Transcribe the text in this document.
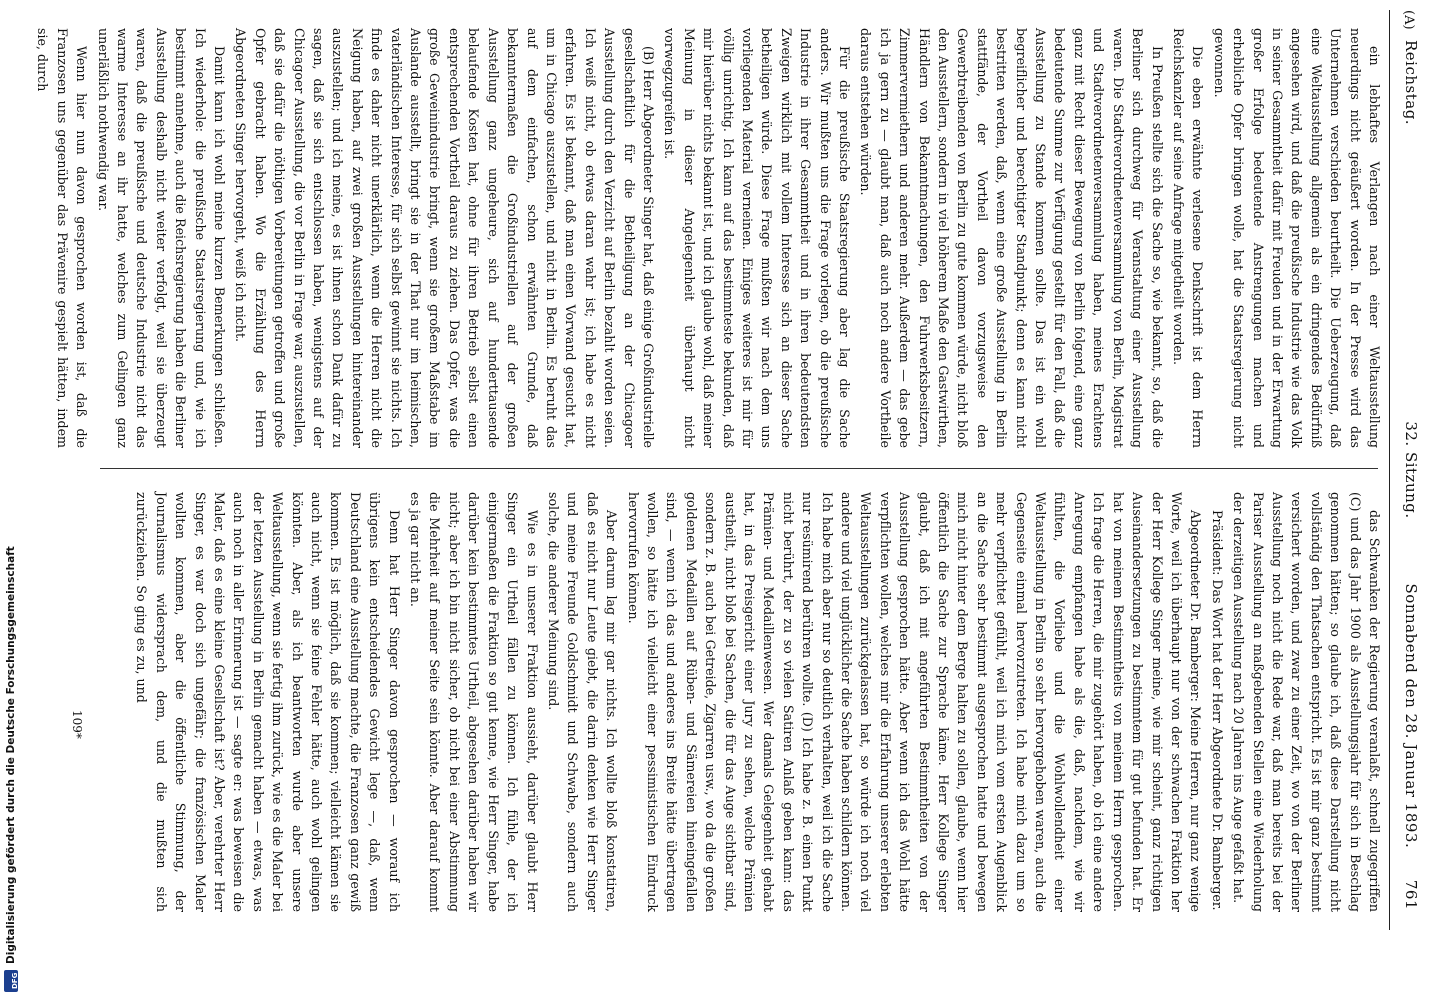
DFG
Digitalisierung gefördert durch die Deutsche Forschungsgemeinschaft
Reichstag.
32. Sitzung.
Sonnabend den 28. Januar 1893.      761
(A)

ein lebhaftes Verlangen nach einer Weltausstellung neuerdings nicht geäußert worden. In der Presse wird das Unternehmen verschieden beurtheilt. Die Ueberzeugung, daß eine Weltausstellung allgemein als ein dringendes Bedürfniß angesehen wird, und daß die preußische Industrie wie das Volk in seiner Gesammtheit dafür mit Freuden und in der Erwartung großer Erfolge bedeutende Anstrengungen machen und erhebliche Opfer bringen wolle, hat die Staatsregierung nicht gewonnen.

Die eben erwähnte verlesene Denkschrift ist dem Herrn Reichskanzler auf seine Anfrage mitgetheilt worden.

In Preußen stellte sich die Sache so, wie bekannt, so, daß die Berliner sich durchweg für Veranstaltung einer Ausstellung waren. Die Stadtverordnetenversammlung von Berlin, Magistrat und Stadtverordnetenversammlung haben, meines Erachtens ganz mit Recht dieser Bewegung von Berlin folgend, eine ganz bedeutende Summe zur Verfügung gestellt für den Fall, daß die Ausstellung zu Stande kommen sollte. Das ist ein wohl begreiflicher und berechtigter Standpunkt; denn es kann nicht bestritten werden, daß, wenn eine große Ausstellung in Berlin stattfände, der Vortheil davon vorzugsweise den Gewerbtreibenden von Berlin zu gute kommen würde, nicht bloß den Ausstellern, sondern in viel höherem Maße den Gastwirthen, Händlern von Bekanntmachungen, den Fuhrwerksbesitzern, Zimmervermiethern und anderen mehr. Außerdem — das gebe ich ja gern zu — glaubt man, daß auch noch andere Vortheile daraus entstehen würden.

Für die preußische Staatsregierung aber lag die Sache anders. Wir mußten uns die Frage vorlegen, ob die preußische Industrie in ihrer Gesammtheit und in ihren bedeutendsten Zweigen wirklich mit vollem Interesse sich an dieser Sache betheiligen würde. Diese Frage mußten wir nach dem uns vorliegenden Material verneinen. Einiges weiteres ist mir für völlig unrichtig. Ich kann auf das bestimmteste bekunden, daß mir hierüber nichts bekannt ist, und ich glaube wohl, daß meiner Meinung in dieser Angelegenheit überhaupt nicht vorwegzugreifen ist.

(B) Herr Abgeordneter Singer hat, daß einige Großindustrielle gesellschaftlich für die Betheiligung an der Chicagoer Ausstellung durch den Verzicht auf Berlin bezahlt worden seien. Ich weiß nicht, ob etwas daran wahr ist; ich habe es nicht erfahren. Es ist bekannt, daß man einen Vorwand gesucht hat, um in Chicago auszustellen, und nicht in Berlin. Es beruht das auf dem einfachen, schon erwähnten Grunde, daß bekanntermaßen die Großindustriellen auf der großen Ausstellung ganz ungeheure, sich auf hunderttausende belaufende Kosten hat, ohne für ihren Betrieb selbst einen entsprechenden Vortheil daraus zu ziehen. Das Opfer, was die große Geweinindustrie bringt, wenn sie großem Maßstabe im Auslande ausstellt, bringt sie in der That nur im heimischen, vaterländischen Interesse, für sich selbst gewinnt sie nichts. Ich finde es daher nicht unerklärlich, wenn die Herren nicht die Neigung haben, auf zwei großen Ausstellungen hintereinander auszustellen; und ich meine, es ist ihnen schon Dank dafür zu sagen, daß sie sich entschlossen haben, wenigstens auf der Chicagoer Ausstellung, die vor Berlin in Frage war, auszustellen, daß sie dafür die nöthigen Vorbereitungen getroffen und große Opfer gebracht haben. Wo die Erzählung des Herrn Abgeordneten Singer hervorgeht, weiß ich nicht.

Damit kann ich wohl meine kurzen Bemerkungen schließen. Ich wiederhole: die preußische Staatsregierung und, wie ich bestimmt annehme, auch die Reichsregierung haben die Berliner Ausstellung deshalb nicht weiter verfolgt, weil sie überzeugt waren, daß die preußische und deutsche Industrie nicht das warme Interesse an ihr hatte, welches zum Gelingen ganz unerläßlich nothwendig war.

Wenn hier nun davon gesprochen worden ist, daß die Franzosen uns gegenüber das Prävenire gespielt hätten, indem sie, durch

das Schwanken der Regierung veranlaßt, schnell zugegriffen (C) und das Jahr 1900 als Ausstellungsjahr für sich in Beschlag genommen hätten; so glaube ich, daß diese Darstellung nicht vollständig den Thatsachen entspricht. Es ist mir ganz bestimmt versichert worden, und zwar zu einer Zeit, wo von der Berliner Ausstellung noch nicht die Rede war, daß man bereits bei der Pariser Ausstellung an maßgebenden Stellen eine Wiederholung der derzeitigen Ausstellung nach 20 Jahren ins Auge gefaßt hat.

Präsident: Das Wort hat der Herr Abgeordnete Dr. Bamberger.

Abgeordneter Dr. Bamberger: Meine Herren, nur ganz wenige Worte, weil ich überhaupt nur von der schwachen Fraktion her der Herr Kollege Singer meine, wie mir scheint, ganz richtigen Auseinandersetzungen zu bestimmtem für gut befunden hat. Er hat von meinem Bestimmtheits von meinem Herrn gesprochen. Ich frage die Herren, die mir zugehört haben, ob ich eine andere Anregung empfangen habe als die, daß, nachdem, wie wir fühlten, die Vorliebe und die Wohlwollendheit einer Weltausstellung in Berlin so sehr hervorgehoben waren, auch die Gegenseite einmal hervorzutreten. Ich habe mich dazu um so mehr verpflichtet gefühlt, weil ich mich vom ersten Augenblick an die Sache sehr bestimmt ausgesprochen hatte und bewegen mich nicht hinter dem Berge halten zu sollen, glaube, wenn hier öffentlich die Sache zur Sprache käme. Herr Kollege Singer glaubt, daß ich mit angeführten Bestimmtheiten von der Ausstellung gesprochen hätte. Aber wenn ich das Wohl hätte verpflichten wollen, welches mir die Erfahrung unserer erlebten Weltausstellungen zurückgelassen hat, so würde ich noch viel andere und viel unglücklicher die Sache haben schildern können. Ich habe mich aber nur so deutlich verhalten, weil ich die Sache nur resümirend berühren wollte. (D) Ich habe z. B. einen Punkt nicht berührt, der zu so vielen Satiren Anlaß geben kann: das Prämien- und Medaillenwesen. Wer damals Gelegenheit gehabt hat, in das Preisgericht einer Jury zu sehen, welche Prämien austheilt, nicht bloß bei Sachen, die für das Auge sichtbar sind, sondern z. B. auch bei Getreide, Zigarren usw., wo da die großen goldenen Medaillen auf Rüben- und Sämereien hineingefallen sind, — wenn ich das und anderes ins Breite hätte übertragen wollen, so hätte ich vielleicht einer pessimistischen Eindruck hervorrufen können.

Aber darum lag mir gar nichts. Ich wollte bloß konstatiren, daß es nicht nur Leute giebt, die darin denken wie Herr Singer und meine Freunde Goldschmidt und Schwabe, sondern auch solche, die anderer Meinung sind.

Wie es in unserer Fraktion aussieht, darüber glaubt Herr Singer ein Urtheil fällen zu können. Ich fühle, der ich einigermaßen die Fraktion so gut kenne, wie Herr Singer, habe darüber kein bestimmtes Urtheil, abgesehen darüber haben wir nicht; aber ich bin nicht sicher, ob nicht bei einer Abstimmung die Mehrheit auf meiner Seite sein könnte. Aber darauf kommt es ja gar nicht an.

Denn hat Herr Singer davon gesprochen — worauf ich übrigens kein entscheidendes Gewicht lege —, daß, wenn Deutschland eine Ausstellung machte, die Franzosen ganz gewiß kommen. Es ist möglich, daß sie kommen; vielleicht kämen sie auch nicht, wenn sie feine Fehler hätte, auch wohl gelingen könnten. Aber, als ich beantworten wurde aber unsere Weltausstellung, wenn sie fertig ihm zurück, wie es die Maler bei der letzten Ausstellung in Berlin gemacht haben — etwas, was auch noch in aller Erinnerung ist — sagte er: was beweisen die Maler, daß es eine kleine Gesellschaft ist? Aber, verehrter Herr Singer, es war doch sich ungefähr; die französischen Maler wollten kommen, aber die öffentliche Stimmung, der Journalismus widersprach dem, und die mußten sich zurückziehen. So ging es zu, und

109*
